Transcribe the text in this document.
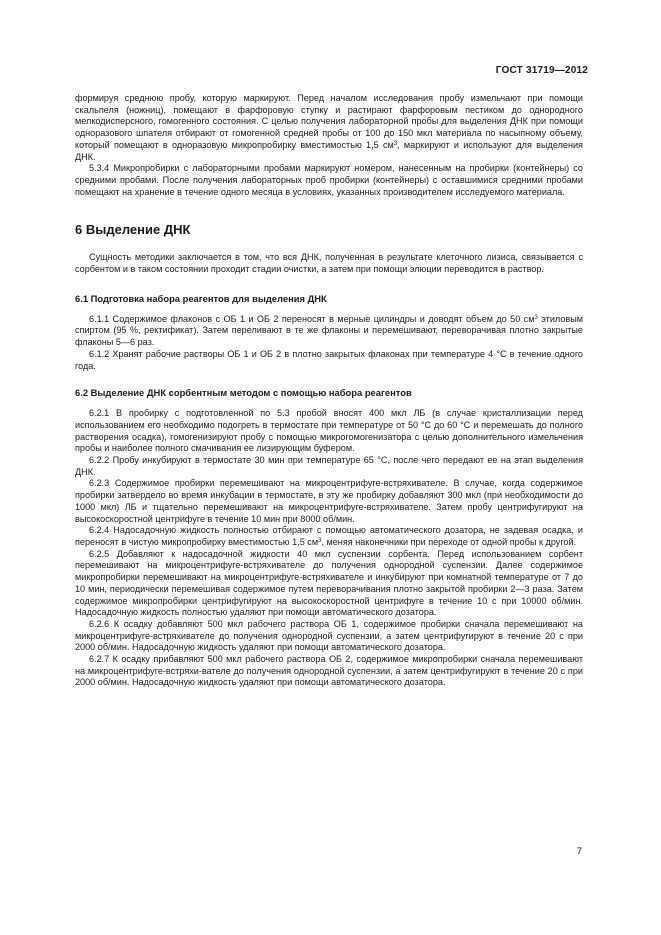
ГОСТ 31719—2012

формируя среднюю пробу, которую маркируют. Перед началом исследования пробу измельчают при помощи скальпеля (ножниц), помещают в фарфоровую ступку и растирают фарфоровым пестиком до однородного мелкодисперсного, гомогенного состояния. С целью получения лабораторной пробы для выделения ДНК при помощи одноразового шпателя отбирают от гомогенной средней пробы от 100 до 150 мкл материала по насыпному объему, который помещают в одноразовую микропробирку вместимостью 1,5 $см^3$, маркируют и используют для выделения ДНК.

5.3.4 Микропробирки с лабораторными пробами маркируют номером, нанесенным на пробирки (контейнеры) со средними пробами. После получения лабораторных проб пробирки (контейнеры) с оставшимися средними пробами помещают на хранение в течение одного месяца в условиях, указанных производителем исследуемого материала.

6 Выделение ДНК

Сущность методики заключается в том, что вся ДНК, полученная в результате клеточного лизиса, связывается с сорбентом и в таком состоянии проходит стадии очистки, а затем при помощи элюции переводится в раствор.

6.1 Подготовка набора реагентов для выделения ДНК

6.1.1 Содержимое флаконов с ОБ 1 и ОБ 2 переносят в мерные цилиндры и доводят объем до 50 $см^3$ этиловым спиртом (95 %, ректификат). Затем переливают в те же флаконы и перемешивают, переворачивая плотно закрытые флаконы 5—6 раз.

6.1.2 Хранят рабочие растворы ОБ 1 и ОБ 2 в плотно закрытых флаконах при температуре 4 °С в течение одного года.

6.2 Выделение ДНК сорбентным методом с помощью набора реагентов

6.2.1 В пробирку с подготовленной по 5.3 пробой вносят 400 мкл ЛБ (в случае кристаллизации перед использованием его необходимо подогреть в термостате при температуре от 50 °С до 60 °С и перемешать до полного растворения осадка), гомогенизируют пробу с помощью микрогомогенизатора с целью дополнительного измельчения пробы и наиболее полного смачивания ее лизирующим буфером.

6.2.2 Пробу инкубируют в термостате 30 мин при температуре 65 °С, после чего передают ее на этап выделения ДНК.

6.2.3 Содержимое пробирки перемешивают на микроцентрифуге-встряхивателе. В случае, когда содержимое пробирки затвердело во время инкубации в термостате, в эту же пробирку добавляют 300 мкл (при необходимости до 1000 мкл) ЛБ и тщательно перемешивают на микроцентрифуге-встряхивателе. Затем пробу центрифугируют на высокоскоростной центрифуге в течение 10 мин при 8000 об/мин.

6.2.4 Надосадочную жидкость полностью отбирают с помощью автоматического дозатора, не задевая осадка, и переносят в чистую микропробирку вместимостью 1,5 $см^3$, меняя наконечники при переходе от одной пробы к другой.

6.2.5 Добавляют к надосадочной жидкости 40 мкл суспензии сорбента. Перед использованием сорбент перемешивают на микроцентрифуге-встряхивателе до получения однородной суспензии. Далее содержимое микропробирки перемешивают на микроцентрифуге-встряхивателе и инкубируют при комнатной температуре от 7 до 10 мин, периодически перемешивая содержимое путем переворачивания плотно закрытой пробирки 2—3 раза. Затем содержимое микропробирки центрифугируют на высокоскоростной центрифуге в течение 10 с при 10000 об/мин. Надосадочную жидкость полностью удаляют при помощи автоматического дозатора.

6.2.6 К осадку добавляют 500 мкл рабочего раствора ОБ 1, содержимое пробирки сначала перемешивают на микроцентрифуге-встряхивателе до получения однородной суспензии, а затем центрифугируют в течение 20 с при 2000 об/мин. Надосадочную жидкость удаляют при помощи автоматического дозатора.

6.2.7 К осадку прибавляют 500 мкл рабочего раствора ОБ 2, содержимое микропробирки сначала перемешивают на микроцентрифуге-встряхи-вателе до получения однородной суспензии, а затем центрифугируют в течение 20 с при 2000 об/мин. Надосадочную жидкость удаляют при помощи автоматического дозатора.

7
